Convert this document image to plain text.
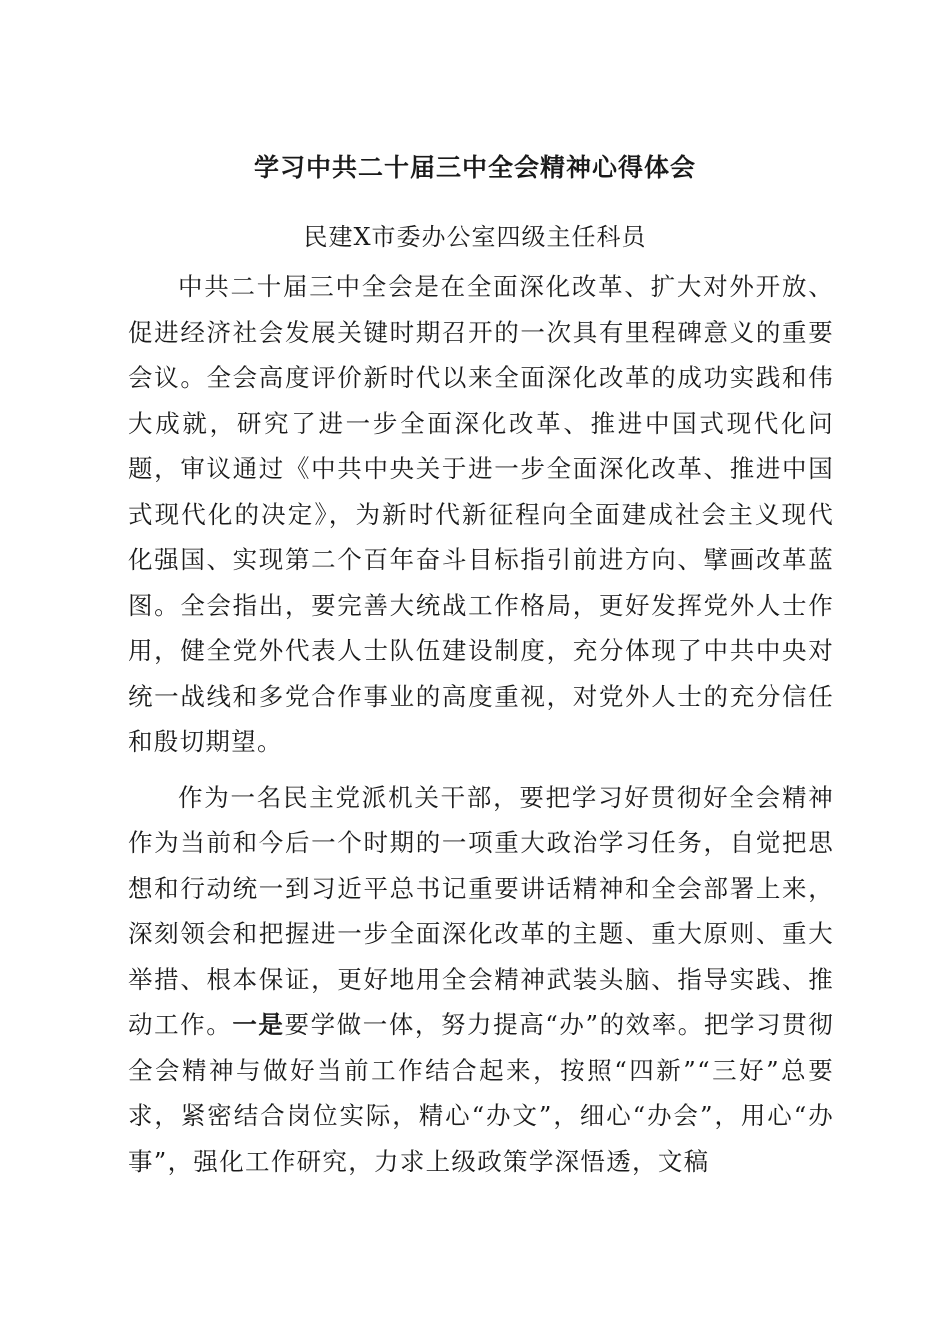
学习中共二十届三中全会精神心得体会

民建X市委办公室四级主任科员

中共二十届三中全会是在全面深化改革、扩大对外开放、促进经济社会发展关键时期召开的一次具有里程碑意义的重要会议。全会高度评价新时代以来全面深化改革的成功实践和伟大成就，研究了进一步全面深化改革、推进中国式现代化问题，审议通过《中共中央关于进一步全面深化改革、推进中国式现代化的决定》，为新时代新征程向全面建成社会主义现代化强国、实现第二个百年奋斗目标指引前进方向、擘画改革蓝图。全会指出，要完善大统战工作格局，更好发挥党外人士作用，健全党外代表人士队伍建设制度，充分体现了中共中央对统一战线和多党合作事业的高度重视，对党外人士的充分信任和殷切期望。

作为一名民主党派机关干部，要把学习好贯彻好全会精神作为当前和今后一个时期的一项重大政治学习任务，自觉把思想和行动统一到习近平总书记重要讲话精神和全会部署上来，深刻领会和把握进一步全面深化改革的主题、重大原则、重大举措、根本保证，更好地用全会精神武装头脑、指导实践、推动工作。一是要学做一体，努力提高“办”的效率。把学习贯彻全会精神与做好当前工作结合起来，按照“四新”“三好”总要求，紧密结合岗位实际，精心“办文”，细心“办会”，用心“办事”，强化工作研究，力求上级政策学深悟透，文稿
